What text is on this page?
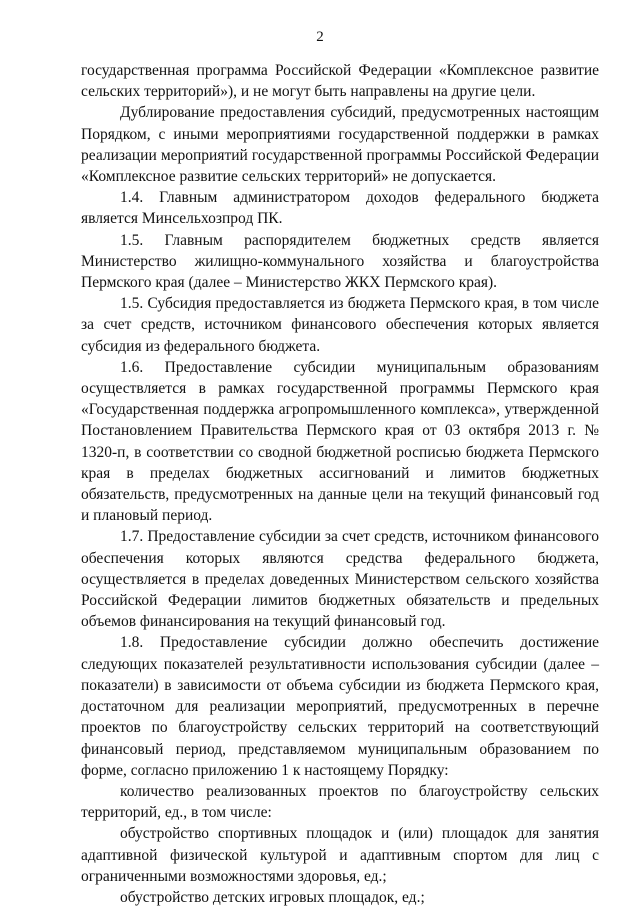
2

государственная программа Российской Федерации «Комплексное развитие сельских территорий»), и не могут быть направлены на другие цели.

Дублирование предоставления субсидий, предусмотренных настоящим Порядком, с иными мероприятиями государственной поддержки в рамках реализации мероприятий государственной программы Российской Федерации «Комплексное развитие сельских территорий» не допускается.

1.4. Главным администратором доходов федерального бюджета является Минсельхозпрод ПК.

1.5. Главным распорядителем бюджетных средств является Министерство жилищно-коммунального хозяйства и благоустройства Пермского края (далее – Министерство ЖКХ Пермского края).

1.5. Субсидия предоставляется из бюджета Пермского края, в том числе за счет средств, источником финансового обеспечения которых является субсидия из федерального бюджета.

1.6. Предоставление субсидии муниципальным образованиям осуществляется в рамках государственной программы Пермского края «Государственная поддержка агропромышленного комплекса», утвержденной Постановлением Правительства Пермского края от 03 октября 2013 г. № 1320-п, в соответствии со сводной бюджетной росписью бюджета Пермского края в пределах бюджетных ассигнований и лимитов бюджетных обязательств, предусмотренных на данные цели на текущий финансовый год и плановый период.

1.7. Предоставление субсидии за счет средств, источником финансового обеспечения которых являются средства федерального бюджета, осуществляется в пределах доведенных Министерством сельского хозяйства Российской Федерации лимитов бюджетных обязательств и предельных объемов финансирования на текущий финансовый год.

1.8. Предоставление субсидии должно обеспечить достижение следующих показателей результативности использования субсидии (далее – показатели) в зависимости от объема субсидии из бюджета Пермского края, достаточном для реализации мероприятий, предусмотренных в перечне проектов по благоустройству сельских территорий на соответствующий финансовый период, представляемом муниципальным образованием по форме, согласно приложению 1 к настоящему Порядку:

количество реализованных проектов по благоустройству сельских территорий, ед., в том числе:

обустройство спортивных площадок и (или) площадок для занятия адаптивной физической культурой и адаптивным спортом для лиц с ограниченными возможностями здоровья, ед.;

обустройство детских игровых площадок, ед.;
